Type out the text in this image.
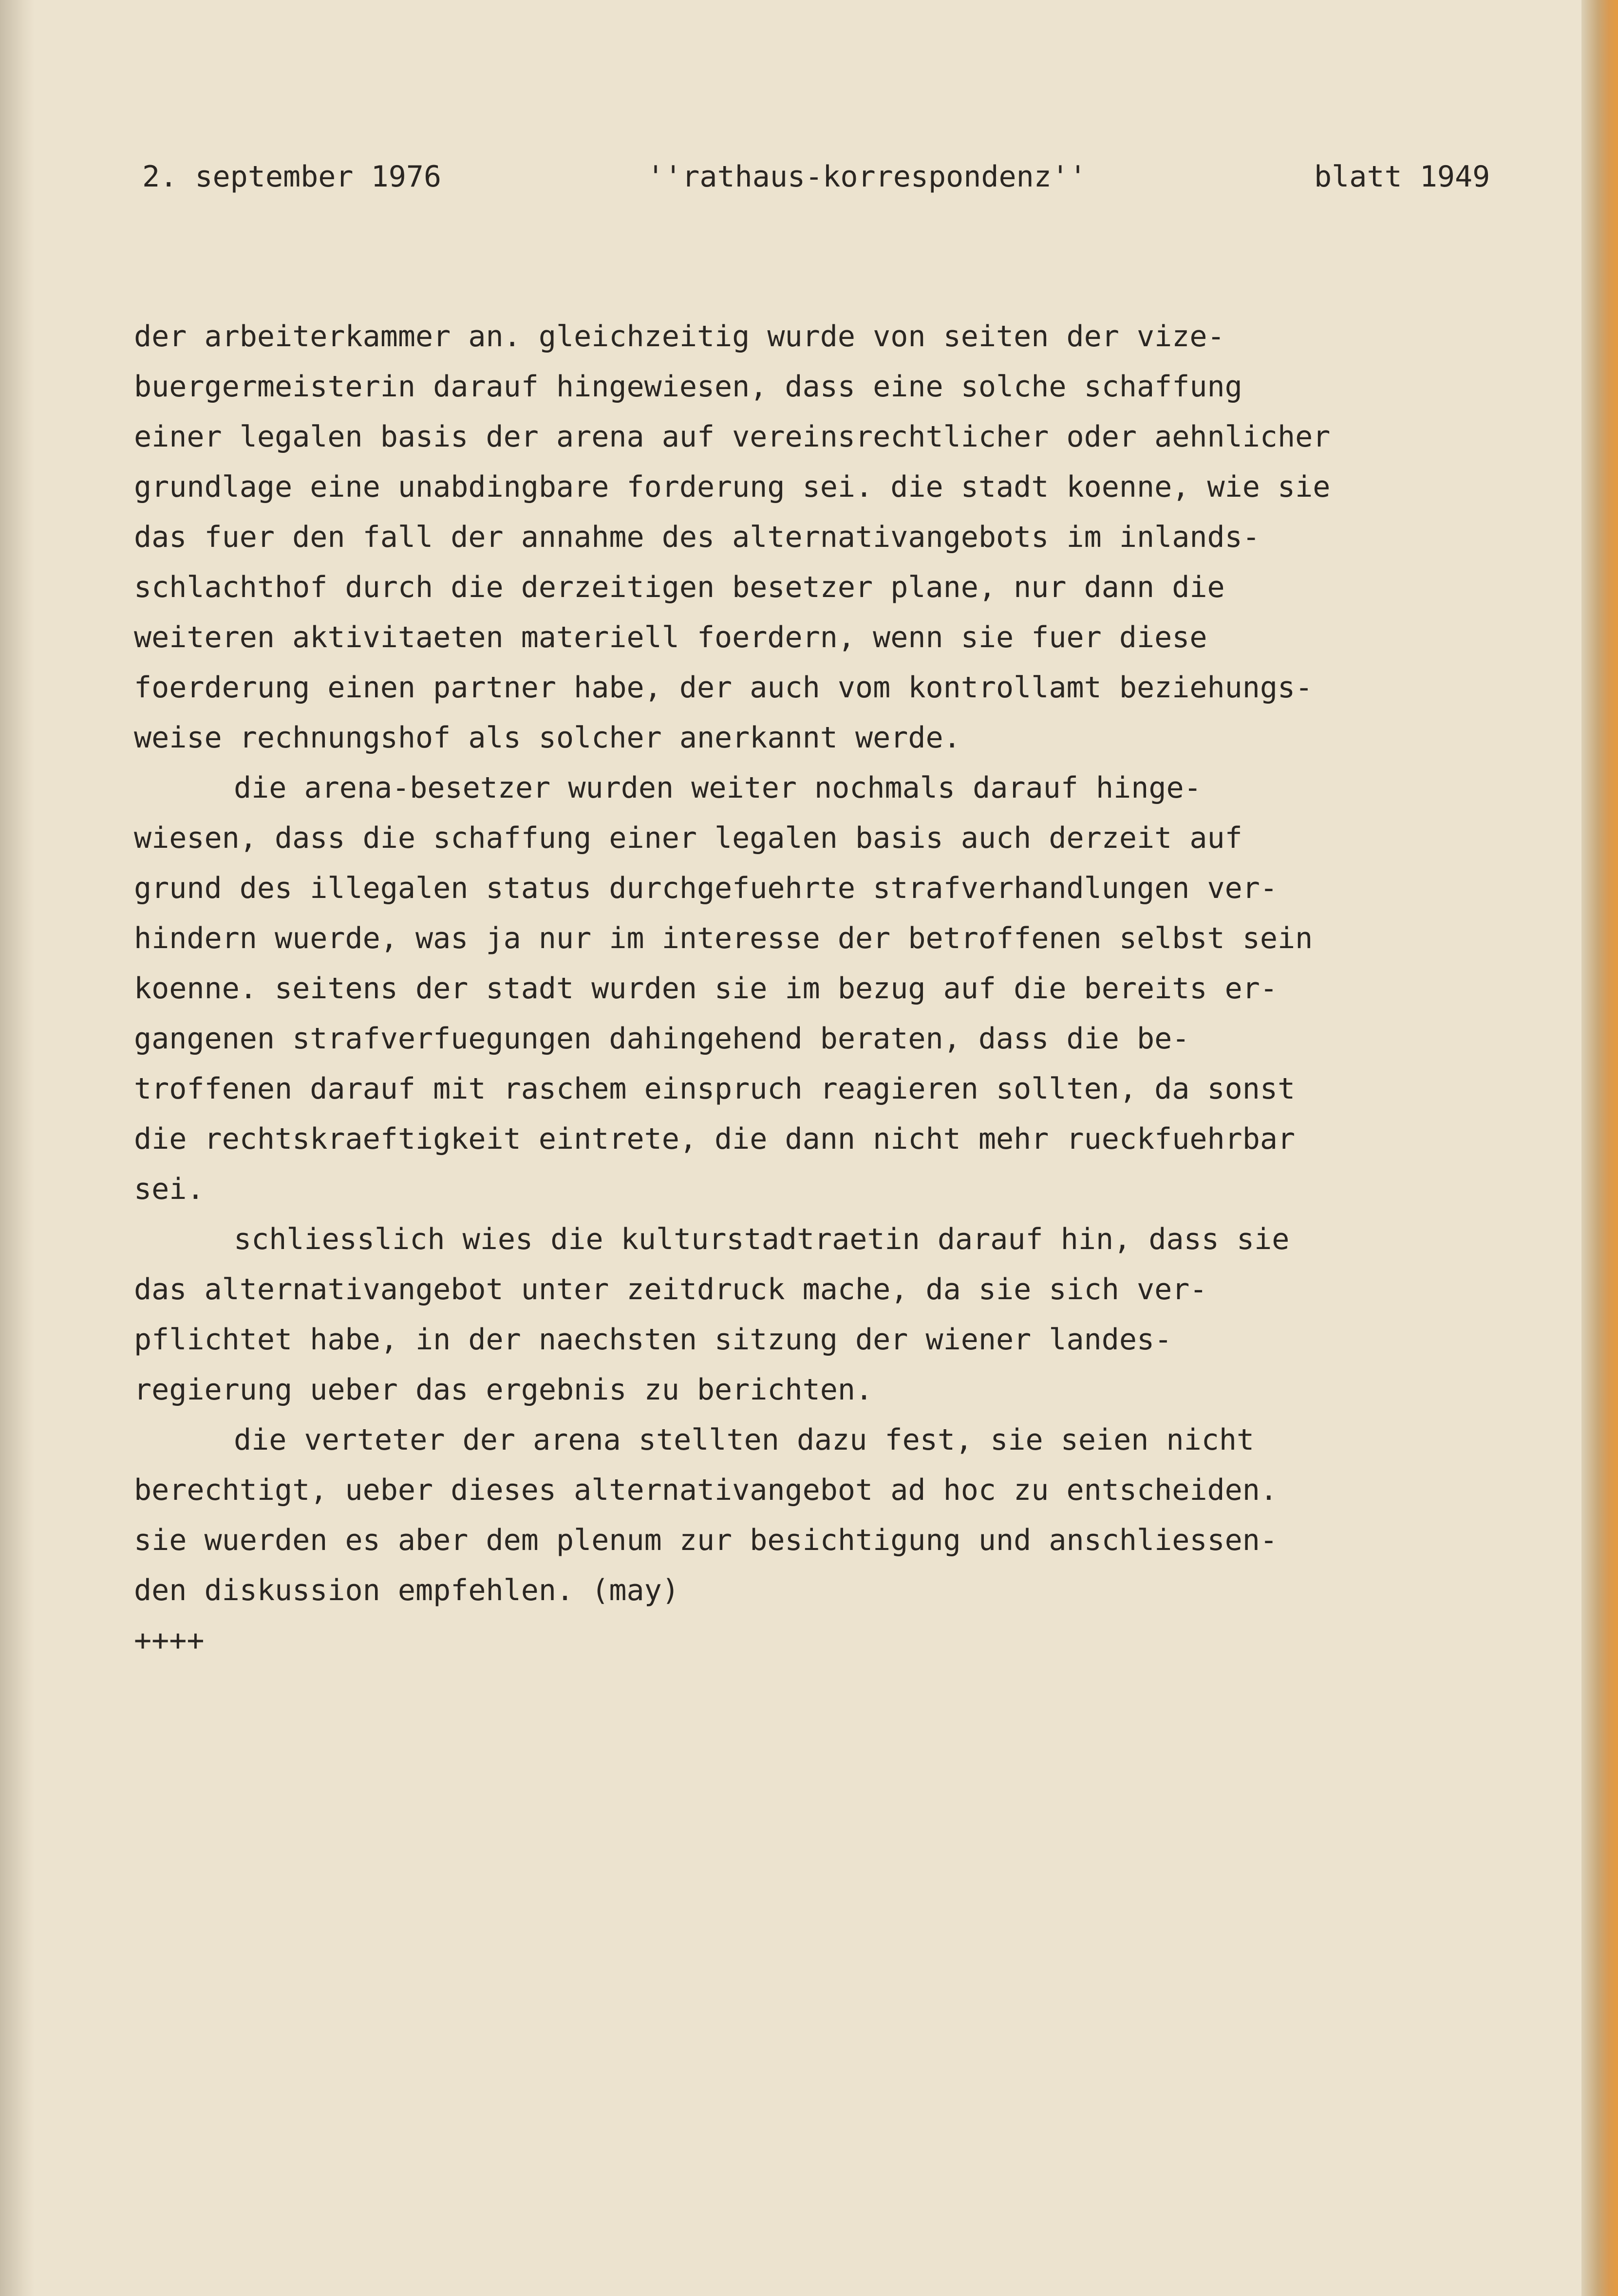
2. september 1976	''rathaus-korrespondenz''	blatt 1949
der arbeiterkammer an. gleichzeitig wurde von seiten der vize-
buergermeisterin darauf hingewiesen, dass eine solche schaffung
einer legalen basis der arena auf vereinsrechtlicher oder aehnlicher
grundlage eine unabdingbare forderung sei. die stadt koenne, wie sie
das fuer den fall der annahme des alternativangebots im inlands-
schlachthof durch die derzeitigen besetzer plane, nur dann die
weiteren aktivitaeten materiell foerdern, wenn sie fuer diese
foerderung einen partner habe, der auch vom kontrollamt beziehungs-
weise rechnungshof als solcher anerkannt werde.
die arena-besetzer wurden weiter nochmals darauf hinge-
wiesen, dass die schaffung einer legalen basis auch derzeit auf
grund des illegalen status durchgefuehrte strafverhandlungen ver-
hindern wuerde, was ja nur im interesse der betroffenen selbst sein
koenne. seitens der stadt wurden sie im bezug auf die bereits er-
gangenen strafverfuegungen dahingehend beraten, dass die be-
troffenen darauf mit raschem einspruch reagieren sollten, da sonst
die rechtskraeftigkeit eintrete, die dann nicht mehr rueckfuehrbar
sei.
schliesslich wies die kulturstadtraetin darauf hin, dass sie
das alternativangebot unter zeitdruck mache, da sie sich ver-
pflichtet habe, in der naechsten sitzung der wiener landes-
regierung ueber das ergebnis zu berichten.
die verteter der arena stellten dazu fest, sie seien nicht
berechtigt, ueber dieses alternativangebot ad hoc zu entscheiden.
sie wuerden es aber dem plenum zur besichtigung und anschliessen-
den diskussion empfehlen. (may)
++++
